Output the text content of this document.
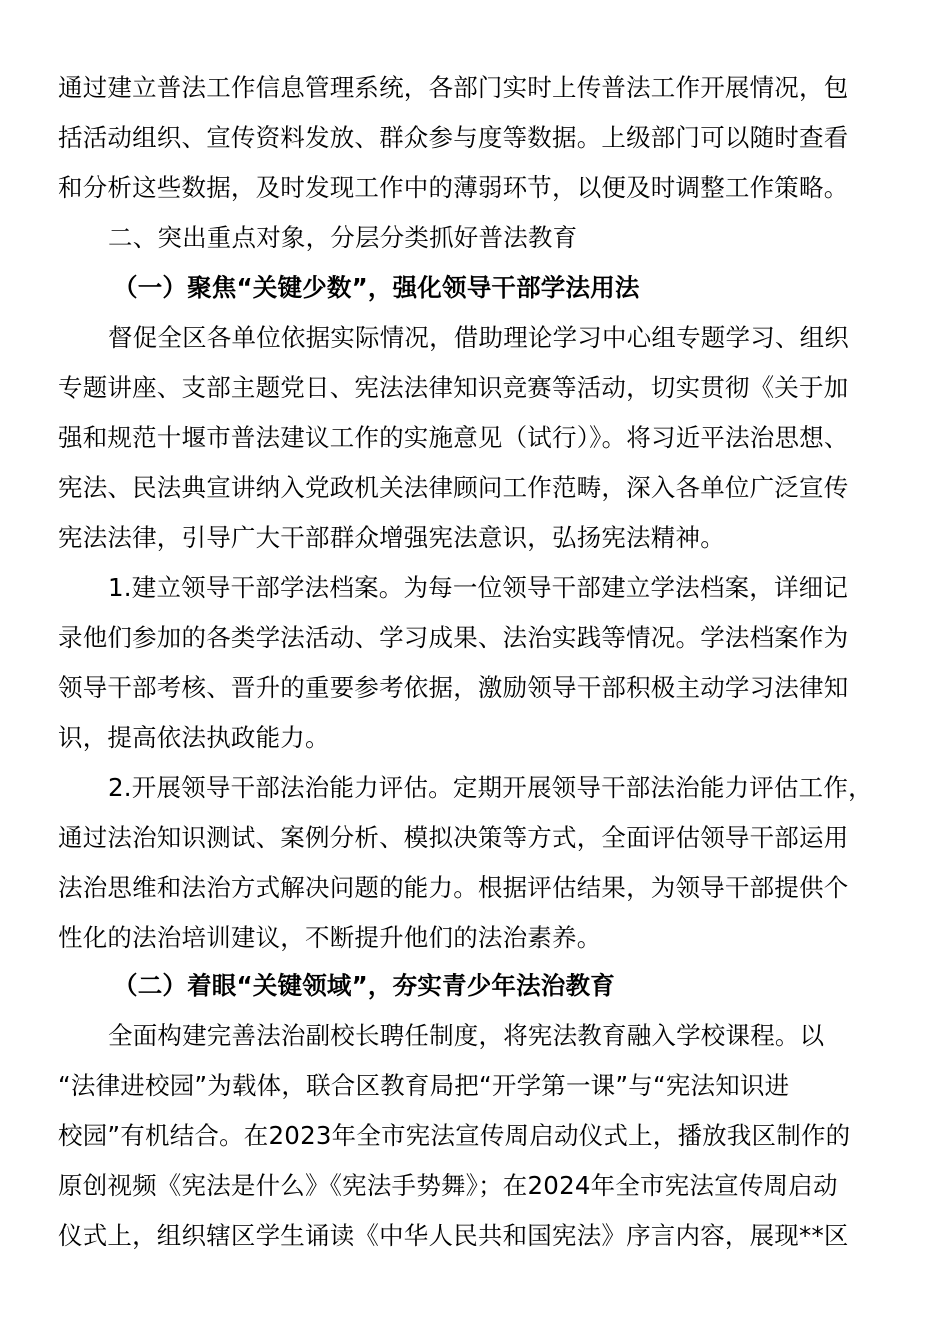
通过建立普法工作信息管理系统，各部门实时上传普法工作开展情况，包
括活动组织、宣传资料发放、群众参与度等数据。上级部门可以随时查看
和分析这些数据，及时发现工作中的薄弱环节，以便及时调整工作策略。
二、突出重点对象，分层分类抓好普法教育
（一）聚焦“关键少数”，强化领导干部学法用法
督促全区各单位依据实际情况，借助理论学习中心组专题学习、组织
专题讲座、支部主题党日、宪法法律知识竞赛等活动，切实贯彻《关于加
强和规范十堰市普法建议工作的实施意见（试行）》。将习近平法治思想、
宪法、民法典宣讲纳入党政机关法律顾问工作范畴，深入各单位广泛宣传
宪法法律，引导广大干部群众增强宪法意识，弘扬宪法精神。
1.建立领导干部学法档案。为每一位领导干部建立学法档案，详细记
录他们参加的各类学法活动、学习成果、法治实践等情况。学法档案作为
领导干部考核、晋升的重要参考依据，激励领导干部积极主动学习法律知
识，提高依法执政能力。
2.开展领导干部法治能力评估。定期开展领导干部法治能力评估工作，
通过法治知识测试、案例分析、模拟决策等方式，全面评估领导干部运用
法治思维和法治方式解决问题的能力。根据评估结果，为领导干部提供个
性化的法治培训建议，不断提升他们的法治素养。
（二）着眼“关键领域”，夯实青少年法治教育
全面构建完善法治副校长聘任制度，将宪法教育融入学校课程。以
“法律进校园”为载体，联合区教育局把“开学第一课”与“宪法知识进
校园”有机结合。在2023年全市宪法宣传周启动仪式上，播放我区制作的
原创视频《宪法是什么》《宪法手势舞》；在2024年全市宪法宣传周启动
仪式上，组织辖区学生诵读《中华人民共和国宪法》序言内容，展现**区
